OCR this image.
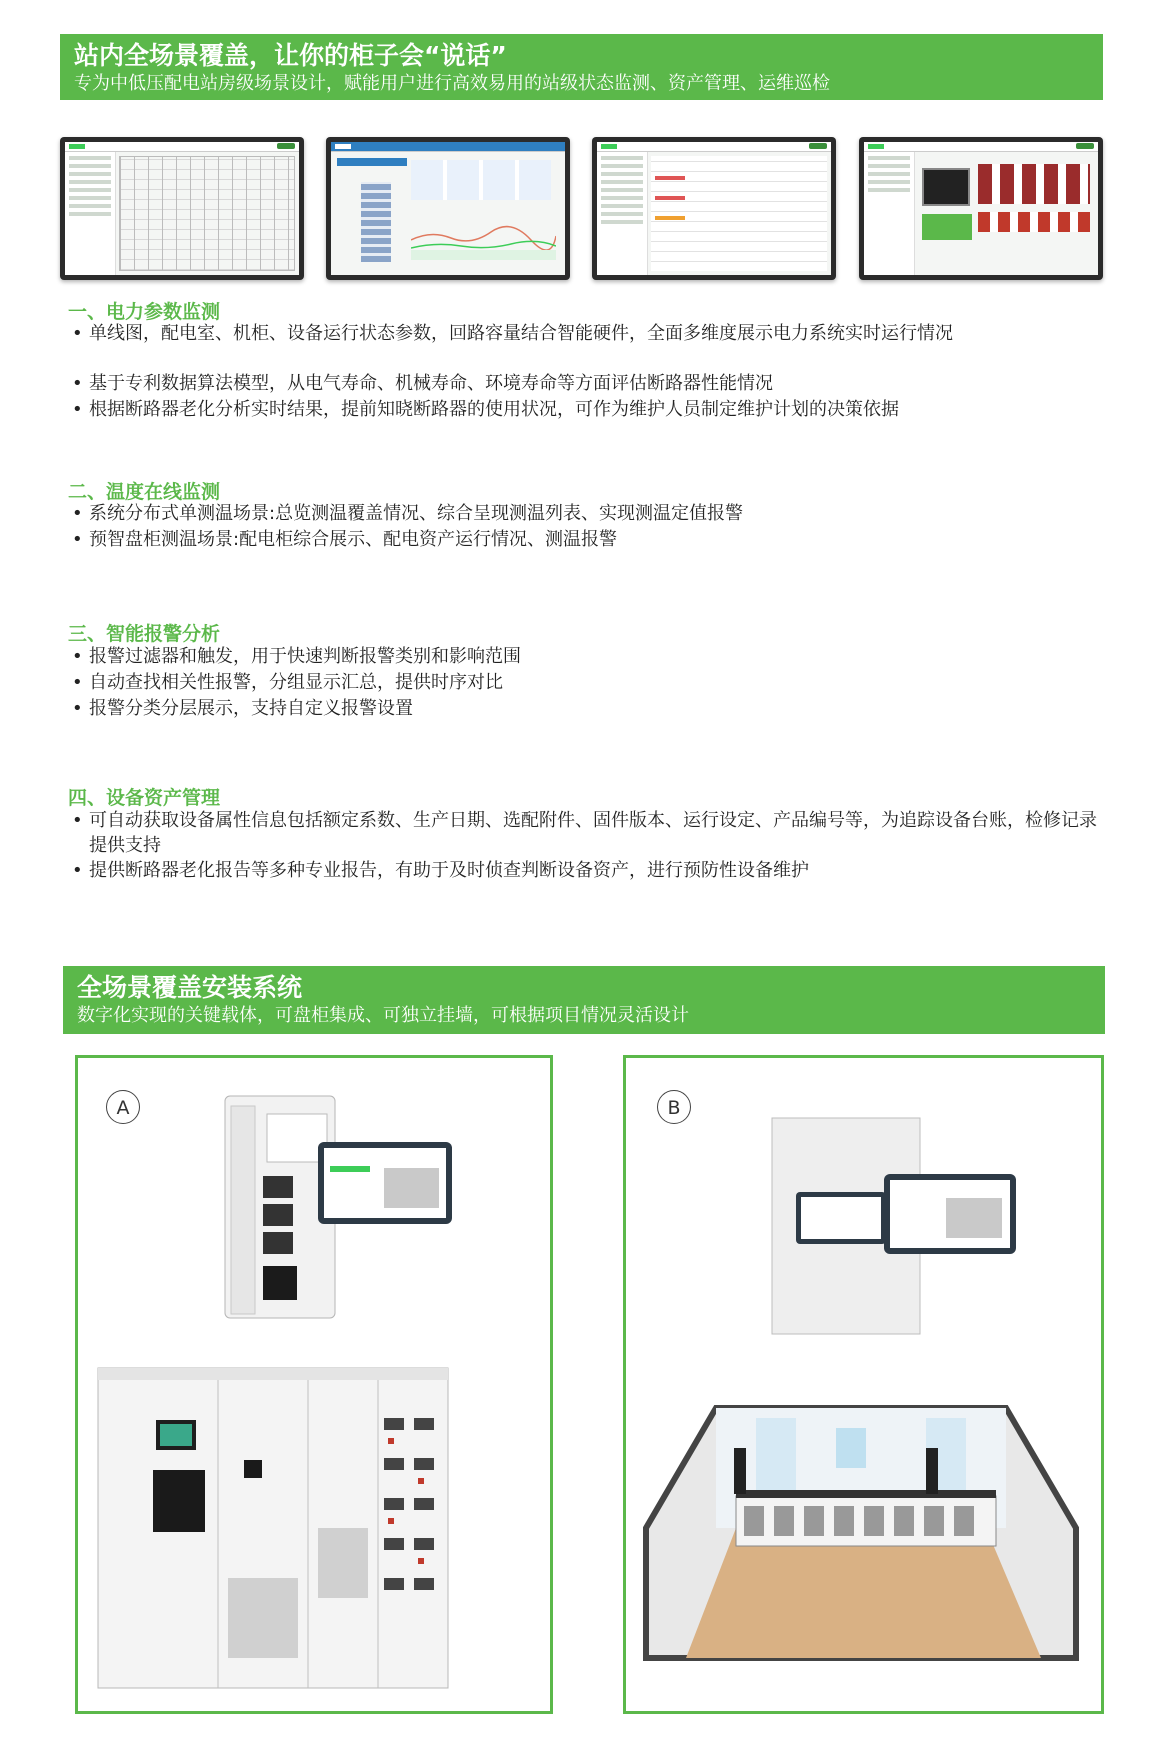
站内全场景覆盖，让你的柜子会“说话”
专为中低压配电站房级场景设计，赋能用户进行高效易用的站级状态监测、资产管理、运维巡检
一、电力参数监测
• 单线图，配电室、机柜、设备运行状态参数，回路容量结合智能硬件，全面多维度展示电力系统实时运行情况
• 基于专利数据算法模型，从电气寿命、机械寿命、环境寿命等方面评估断路器性能情况
• 根据断路器老化分析实时结果，提前知晓断路器的使用状况，可作为维护人员制定维护计划的决策依据
二、温度在线监测
• 系统分布式单测温场景:总览测温覆盖情况、综合呈现测温列表、实现测温定值报警
• 预智盘柜测温场景:配电柜综合展示、配电资产运行情况、测温报警
三、智能报警分析
• 报警过滤器和触发，用于快速判断报警类别和影响范围
• 自动查找相关性报警，分组显示汇总，提供时序对比
• 报警分类分层展示，支持自定义报警设置
四、设备资产管理
• 可自动获取设备属性信息包括额定系数、生产日期、选配附件、固件版本、运行设定、产品编号等，为追踪设备台账，检修记录提供支持
• 提供断路器老化报告等多种专业报告，有助于及时侦查判断设备资产，进行预防性设备维护
全场景覆盖安装系统
数字化实现的关键载体，可盘柜集成、可独立挂墙，可根据项目情况灵活设计
A	B
